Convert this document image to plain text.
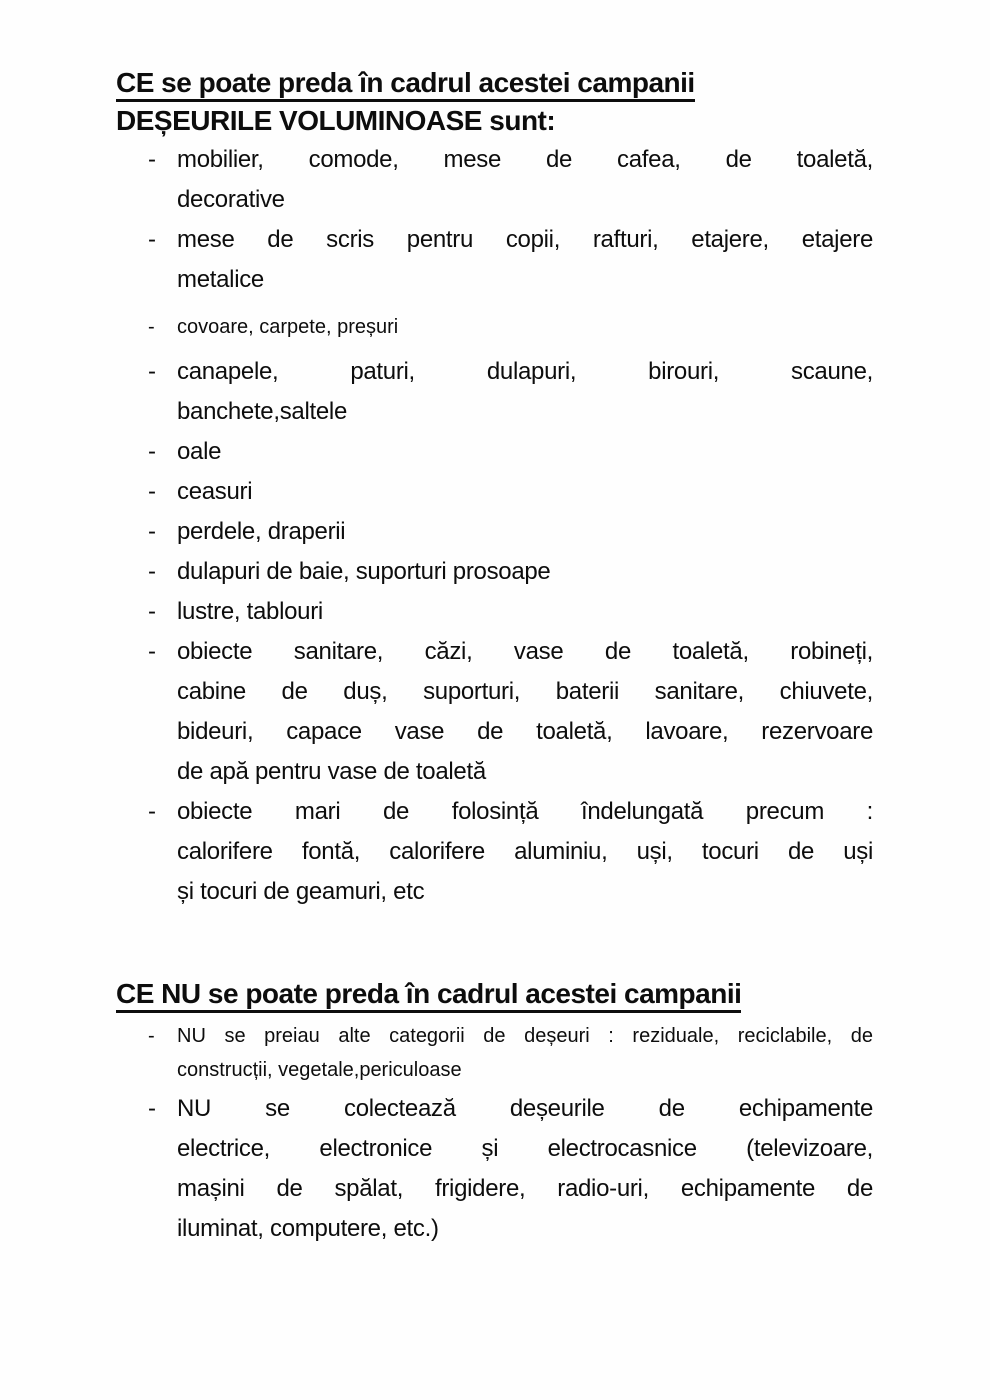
CE se poate preda în cadrul acestei campanii
DEȘEURILE VOLUMINOASE sunt:
- mobilier, comode, mese de cafea, de toaletă,
decorative
- mese de scris pentru copii, rafturi, etajere, etajere
metalice
-	covoare, carpete, preșuri
- canapele, paturi, dulapuri, birouri, scaune,
banchete,saltele
- oale
- ceasuri
- perdele, draperii
- dulapuri de baie, suporturi prosoape
- lustre, tablouri
- obiecte sanitare, căzi, vase de toaletă, robineți,
cabine de duș, suporturi, baterii sanitare, chiuvete,
bideuri, capace vase de toaletă, lavoare, rezervoare
de apă pentru vase de toaletă
- obiecte mari de folosință îndelungată precum :
calorifere fontă, calorifere aluminiu, uși, tocuri de uși
și tocuri de geamuri, etc
CE NU se poate preda în cadrul acestei campanii
-	NU se preiau alte categorii de deșeuri : reziduale, reciclabile, de
construcții, vegetale,periculoase
- NU se colectează deșeurile de echipamente
electrice, electronice și electrocasnice (televizoare,
mașini de spălat, frigidere, radio-uri, echipamente de
iluminat, computere, etc.)
